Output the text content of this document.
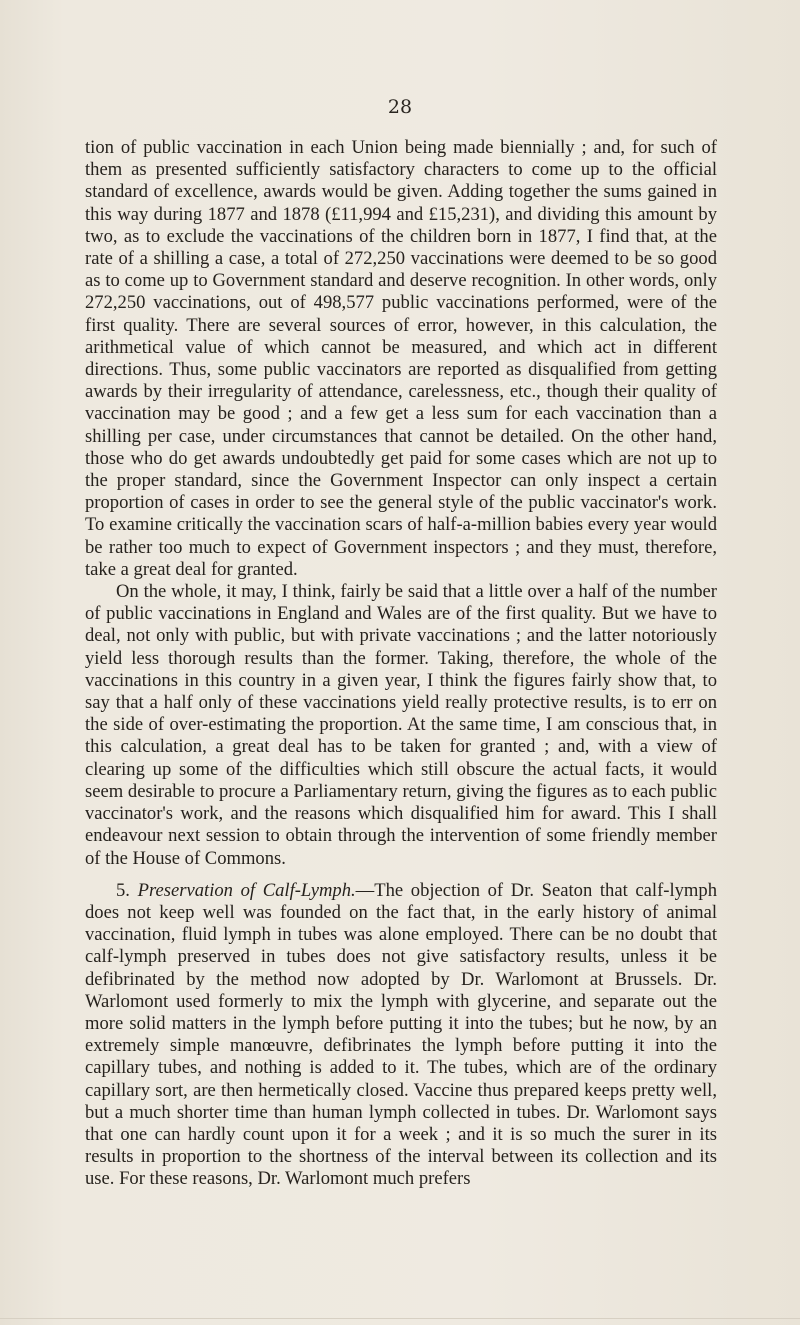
28

tion of public vaccination in each Union being made biennially ; and, for such of them as presented sufficiently satisfactory characters to come up to the official standard of excellence, awards would be given. Adding together the sums gained in this way during 1877 and 1878 (£11,994 and £15,231), and dividing this amount by two, as to exclude the vaccinations of the children born in 1877, I find that, at the rate of a shilling a case, a total of 272,250 vaccinations were deemed to be so good as to come up to Government standard and deserve recognition. In other words, only 272,250 vaccinations, out of 498,577 public vaccinations performed, were of the first quality. There are several sources of error, however, in this calculation, the arithmetical value of which cannot be measured, and which act in different directions. Thus, some public vaccinators are reported as disqualified from getting awards by their irregularity of attendance, carelessness, etc., though their quality of vaccination may be good ; and a few get a less sum for each vaccination than a shilling per case, under circumstances that cannot be detailed. On the other hand, those who do get awards undoubtedly get paid for some cases which are not up to the proper standard, since the Government Inspector can only inspect a certain proportion of cases in order to see the general style of the public vaccinator's work. To examine critically the vaccination scars of half-a-million babies every year would be rather too much to expect of Government inspectors ; and they must, therefore, take a great deal for granted.

On the whole, it may, I think, fairly be said that a little over a half of the number of public vaccinations in England and Wales are of the first quality. But we have to deal, not only with public, but with private vaccinations ; and the latter notoriously yield less thorough results than the former. Taking, therefore, the whole of the vaccinations in this country in a given year, I think the figures fairly show that, to say that a half only of these vaccinations yield really protective results, is to err on the side of over-estimating the proportion. At the same time, I am conscious that, in this calculation, a great deal has to be taken for granted ; and, with a view of clearing up some of the difficulties which still obscure the actual facts, it would seem desirable to procure a Parliamentary return, giving the figures as to each public vaccinator's work, and the reasons which disqualified him for award. This I shall endeavour next session to obtain through the intervention of some friendly member of the House of Commons.

5. Preservation of Calf-Lymph.—The objection of Dr. Seaton that calf-lymph does not keep well was founded on the fact that, in the early history of animal vaccination, fluid lymph in tubes was alone employed. There can be no doubt that calf-lymph preserved in tubes does not give satisfactory results, unless it be defibrinated by the method now adopted by Dr. Warlomont at Brussels. Dr. Warlomont used formerly to mix the lymph with glycerine, and separate out the more solid matters in the lymph before putting it into the tubes; but he now, by an extremely simple manœuvre, defibrinates the lymph before putting it into the capillary tubes, and nothing is added to it. The tubes, which are of the ordinary capillary sort, are then hermetically closed. Vaccine thus prepared keeps pretty well, but a much shorter time than human lymph collected in tubes. Dr. Warlomont says that one can hardly count upon it for a week ; and it is so much the surer in its results in proportion to the shortness of the interval between its collection and its use. For these reasons, Dr. Warlomont much prefers
